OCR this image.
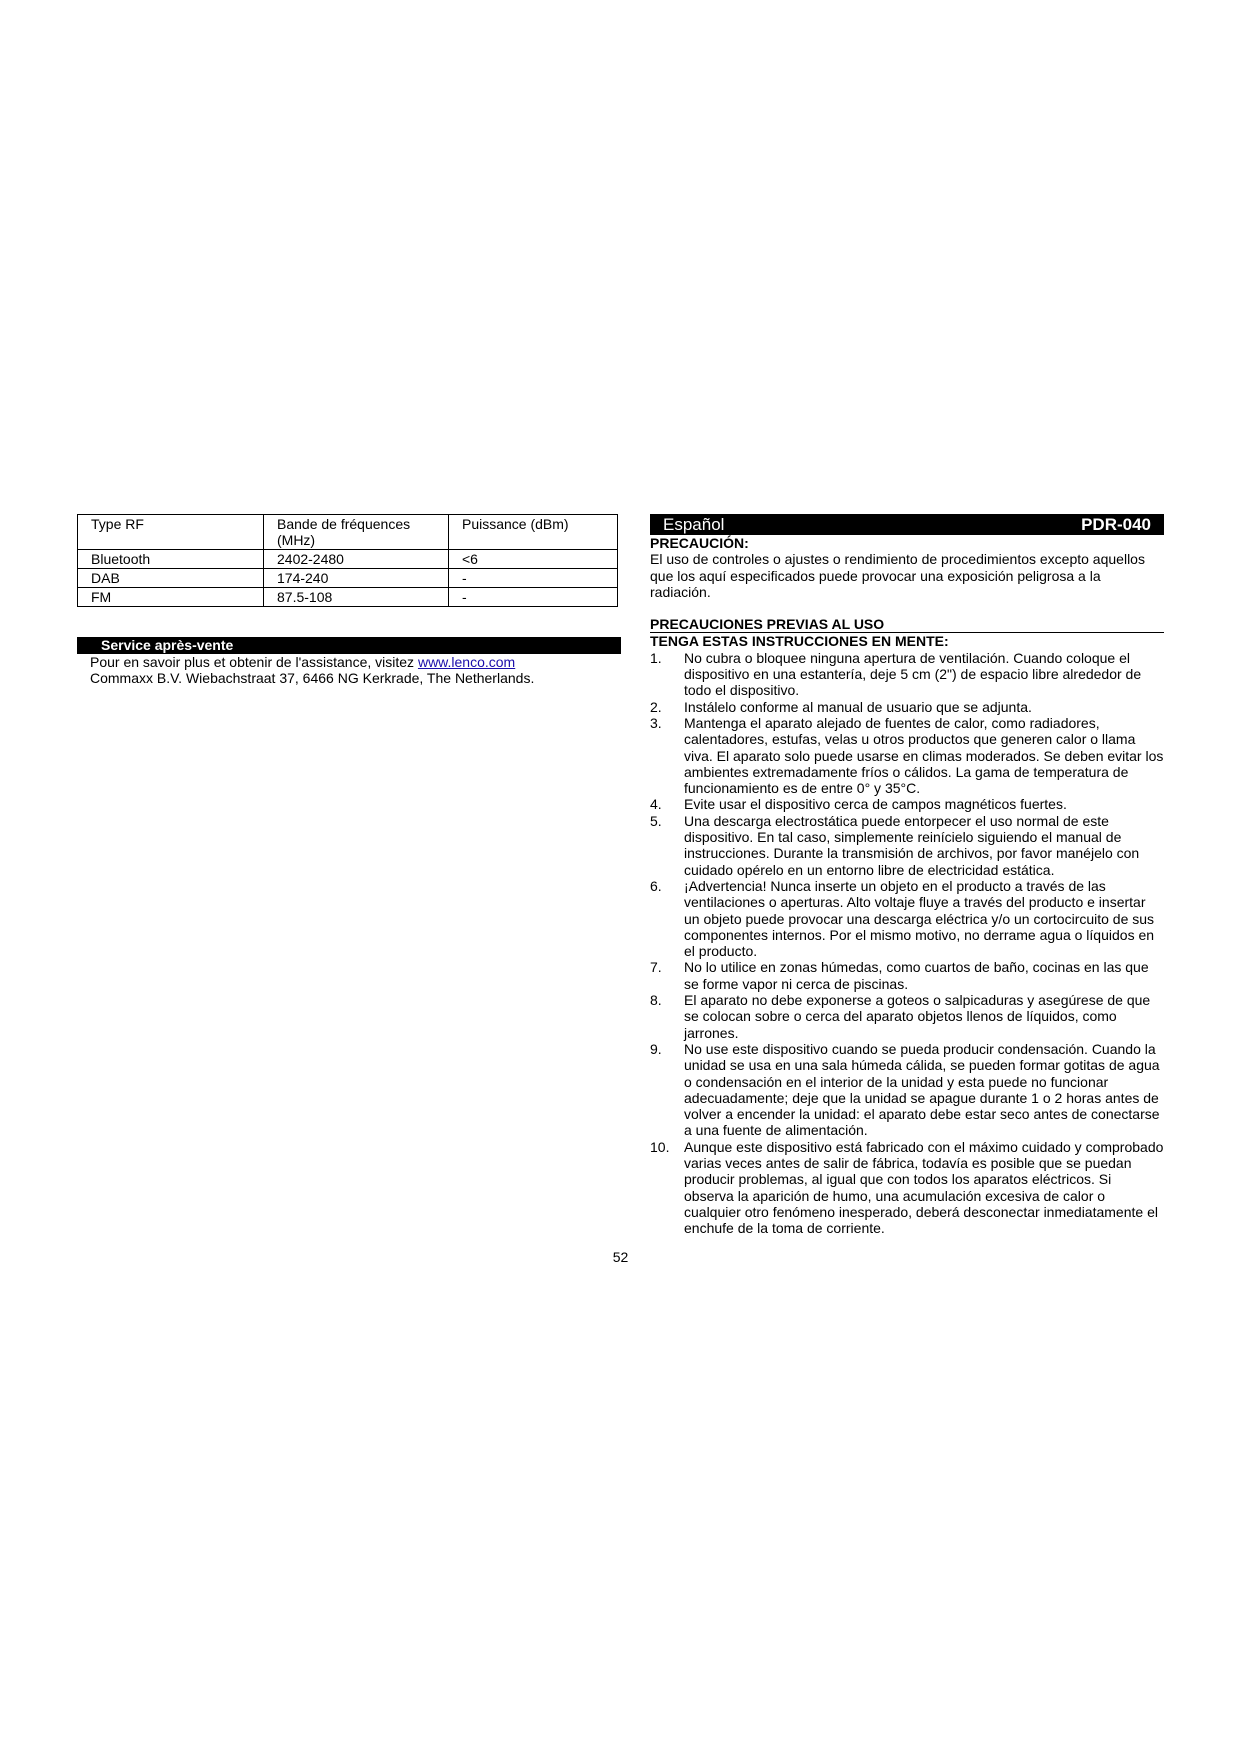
Type RF	Bande de fréquences (MHz)	Puissance (dBm)
Bluetooth	2402-2480	<6
DAB	174-240	-
FM	87.5-108	-
Service après-vente
Pour en savoir plus et obtenir de l'assistance, visitez www.lenco.com
Commaxx B.V. Wiebachstraat 37, 6466 NG Kerkrade, The Netherlands.
Español	PDR-040
PRECAUCIÓN:
El uso de controles o ajustes o rendimiento de procedimientos excepto aquellos que los aquí especificados puede provocar una exposición peligrosa a la radiación.
PRECAUCIONES PREVIAS AL USO
TENGA ESTAS INSTRUCCIONES EN MENTE:
1. No cubra o bloquee ninguna apertura de ventilación. Cuando coloque el dispositivo en una estantería, deje 5 cm (2") de espacio libre alrededor de todo el dispositivo.
2. Instálelo conforme al manual de usuario que se adjunta.
3. Mantenga el aparato alejado de fuentes de calor, como radiadores, calentadores, estufas, velas u otros productos que generen calor o llama viva. El aparato solo puede usarse en climas moderados. Se deben evitar los ambientes extremadamente fríos o cálidos. La gama de temperatura de funcionamiento es de entre 0° y 35°C.
4. Evite usar el dispositivo cerca de campos magnéticos fuertes.
5. Una descarga electrostática puede entorpecer el uso normal de este dispositivo. En tal caso, simplemente reinícielo siguiendo el manual de instrucciones. Durante la transmisión de archivos, por favor manéjelo con cuidado opérelo en un entorno libre de electricidad estática.
6. ¡Advertencia! Nunca inserte un objeto en el producto a través de las ventilaciones o aperturas. Alto voltaje fluye a través del producto e insertar un objeto puede provocar una descarga eléctrica y/o un cortocircuito de sus componentes internos. Por el mismo motivo, no derrame agua o líquidos en el producto.
7. No lo utilice en zonas húmedas, como cuartos de baño, cocinas en las que se forme vapor ni cerca de piscinas.
8. El aparato no debe exponerse a goteos o salpicaduras y asegúrese de que se colocan sobre o cerca del aparato objetos llenos de líquidos, como jarrones.
9. No use este dispositivo cuando se pueda producir condensación. Cuando la unidad se usa en una sala húmeda cálida, se pueden formar gotitas de agua o condensación en el interior de la unidad y esta puede no funcionar adecuadamente; deje que la unidad se apague durante 1 o 2 horas antes de volver a encender la unidad: el aparato debe estar seco antes de conectarse a una fuente de alimentación.
10. Aunque este dispositivo está fabricado con el máximo cuidado y comprobado varias veces antes de salir de fábrica, todavía es posible que se puedan producir problemas, al igual que con todos los aparatos eléctricos. Si observa la aparición de humo, una acumulación excesiva de calor o cualquier otro fenómeno inesperado, deberá desconectar inmediatamente el enchufe de la toma de corriente.
52
